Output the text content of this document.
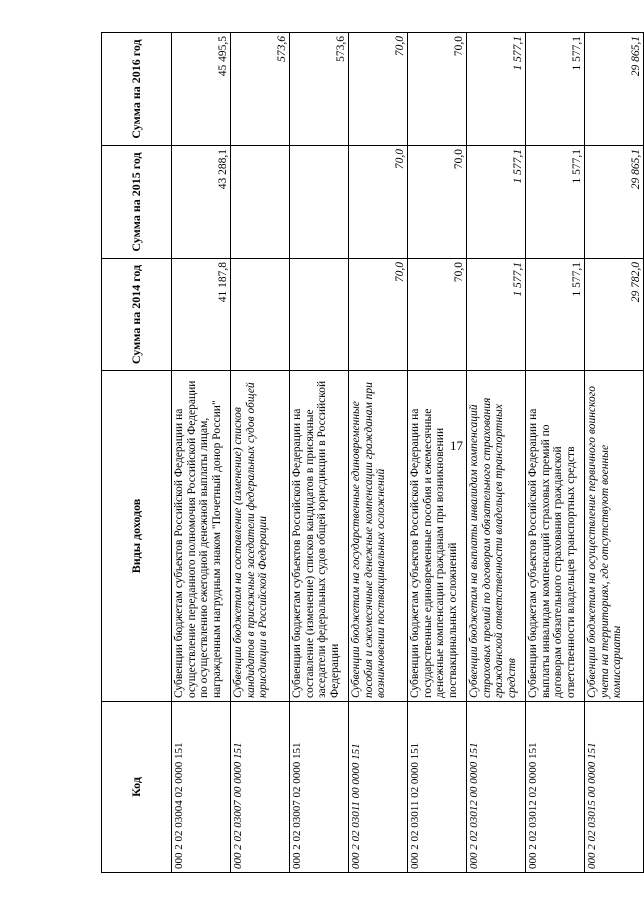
17
Код	Виды доходов	Сумма на 2014 год	Сумма на 2015 год	Сумма на 2016 год
000 2 02 03004 02 0000 151	Субвенции бюджетам субъектов Российской Федерации на осуществление переданного полномочия Российской Федерации по осуществлению ежегодной денежной выплаты лицам, награжденным нагрудным знаком "Почетный донор России"	41 187,8	43 288,1	45 495,5
000 2 02 03007 00 0000 151	Субвенции бюджетам на составление (изменение) списков кандидатов в присяжные заседатели федеральных судов общей юрисдикции в Российской Федерации			573,6
000 2 02 03007 02 0000 151	Субвенции бюджетам субъектов Российской Федерации на составление (изменение) списков кандидатов в присяжные заседатели федеральных судов общей юрисдикции в Российской Федерации			573,6
000 2 02 03011 00 0000 151	Субвенции бюджетам на государственные единовременные пособия и ежемесячные денежные компенсации гражданам при возникновении поствакцинальных осложнений	70,0	70,0	70,0
000 2 02 03011 02 0000 151	Субвенции бюджетам субъектов Российской Федерации на государственные единовременные пособия и ежемесячные денежные компенсации гражданам при возникновении поствакцинальных осложнений	70,0	70,0	70,0
000 2 02 03012 00 0000 151	Субвенции бюджетам на выплаты инвалидам компенсаций страховых премий по договорам обязательного страхования гражданской ответственности владельцев транспортных средств	1 577,1	1 577,1	1 577,1
000 2 02 03012 02 0000 151	Субвенции бюджетам субъектов Российской Федерации на выплаты инвалидам компенсаций страховых премий по договорам обязательного страхования гражданской ответственности владельцев транспортных средств	1 577,1	1 577,1	1 577,1
000 2 02 03015 00 0000 151	Субвенции бюджетам на осуществление первичного воинского учета на территориях, где отсутствуют военные комиссариаты	29 782,0	29 865,1	29 865,1
